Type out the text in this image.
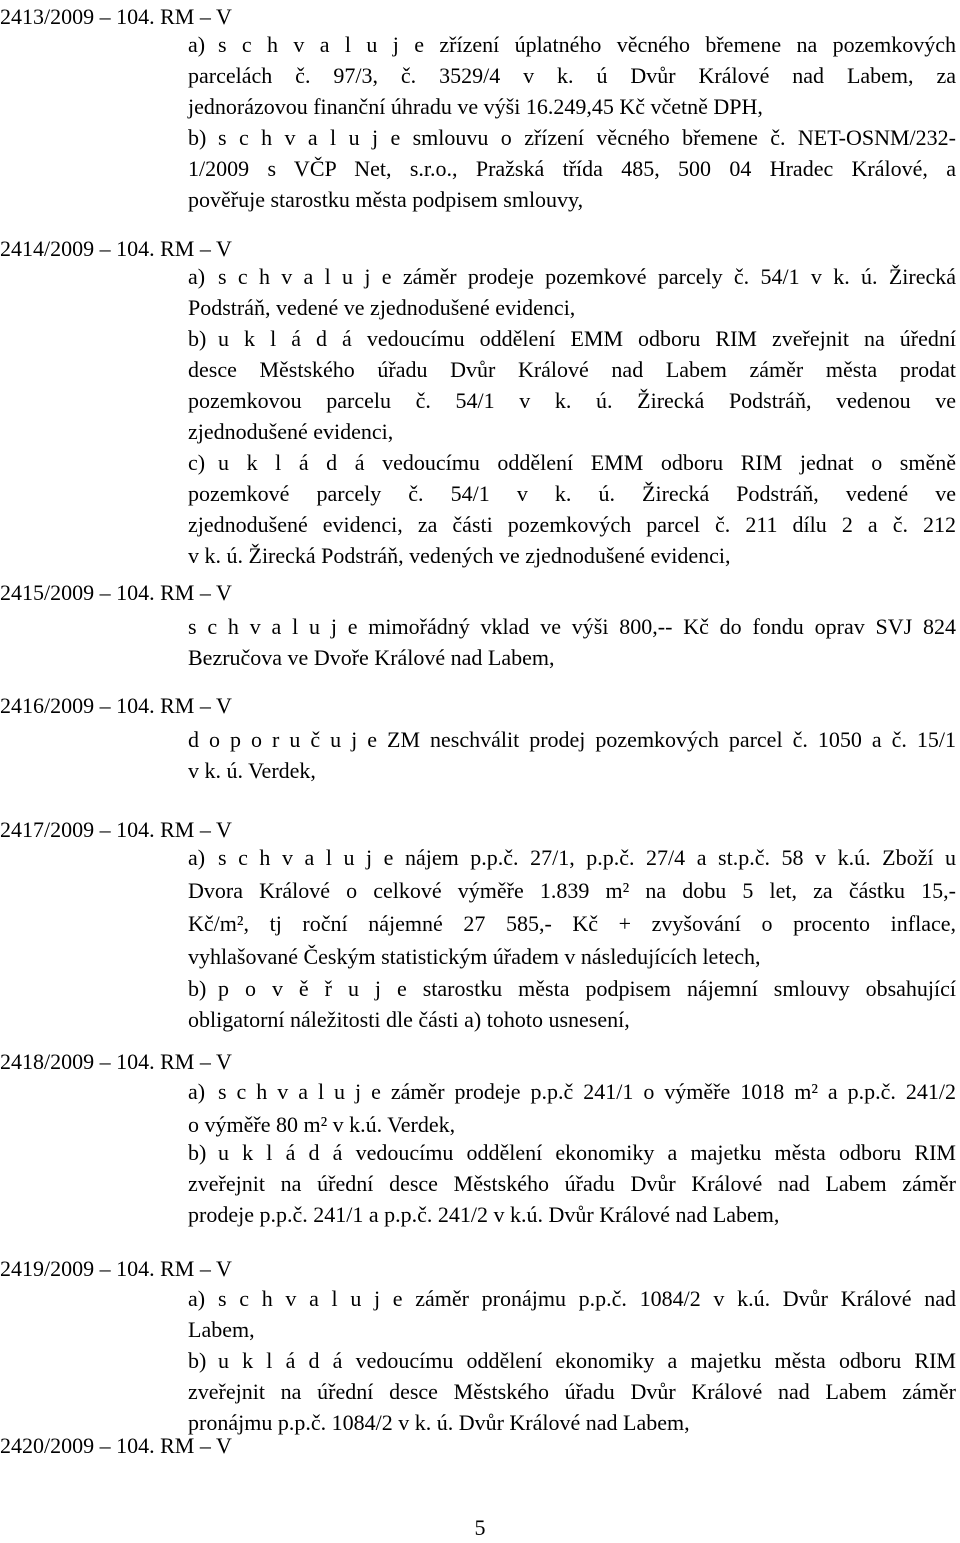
2413/2009 – 104. RM – V
a) s c h v a l u j e zřízení úplatného věcného břemene na pozemkových
parcelách č. 97/3, č. 3529/4 v k. ú Dvůr Králové nad Labem, za
jednorázovou finanční úhradu ve výši 16.249,45 Kč včetně DPH,
b) s c h v a l u j e smlouvu o zřízení věcného břemene č. NET-OSNM/232-
1/2009 s VČP Net, s.r.o., Pražská třída 485, 500 04 Hradec Králové, a
pověřuje starostku města podpisem smlouvy,
2414/2009 – 104. RM – V
a) s c h v a l u j e záměr prodeje pozemkové parcely č. 54/1 v k. ú. Žirecká
Podstráň, vedené ve zjednodušené evidenci,
b) u k l á d á vedoucímu oddělení EMM odboru RIM zveřejnit na úřední
desce Městského úřadu Dvůr Králové nad Labem záměr města prodat
pozemkovou parcelu č. 54/1 v k. ú. Žirecká Podstráň, vedenou ve
zjednodušené evidenci,
c) u k l á d á vedoucímu oddělení EMM odboru RIM jednat o směně
pozemkové parcely č. 54/1 v k. ú. Žirecká Podstráň, vedené ve
zjednodušené evidenci, za části pozemkových parcel č. 211 dílu 2 a č. 212
v k. ú. Žirecká Podstráň, vedených ve zjednodušené evidenci,
2415/2009 – 104. RM – V
s c h v a l u j e mimořádný vklad ve výši 800,-- Kč do fondu oprav SVJ 824
Bezručova ve Dvoře Králové nad Labem,
2416/2009 – 104. RM – V
d o p o r u č u j e ZM neschválit prodej pozemkových parcel č. 1050 a č. 15/1
v k. ú. Verdek,
2417/2009 – 104. RM – V
a) s c h v a l u j e nájem p.p.č. 27/1, p.p.č. 27/4 a st.p.č. 58 v k.ú. Zboží u
Dvora Králové o celkové výměře 1.839 m² na dobu 5 let, za částku 15,-
Kč/m², tj roční nájemné 27 585,- Kč + zvyšování o procento inflace,
vyhlašované Českým statistickým úřadem v následujících letech,
b) p o v ě ř u j e starostku města podpisem nájemní smlouvy obsahující
obligatorní náležitosti dle části a) tohoto usnesení,
2418/2009 – 104. RM – V
a) s c h v a l u j e záměr prodeje p.p.č 241/1 o výměře 1018 m² a p.p.č. 241/2
o výměře 80 m² v k.ú. Verdek,
b) u k l á d á vedoucímu oddělení ekonomiky a majetku města odboru RIM
zveřejnit na úřední desce Městského úřadu Dvůr Králové nad Labem záměr
prodeje p.p.č. 241/1 a p.p.č. 241/2 v k.ú. Dvůr Králové nad Labem,
2419/2009 – 104. RM – V
a) s c h v a l u j e záměr pronájmu p.p.č. 1084/2 v k.ú. Dvůr Králové nad
Labem,
b) u k l á d á vedoucímu oddělení ekonomiky a majetku města odboru RIM
zveřejnit na úřední desce Městského úřadu Dvůr Králové nad Labem záměr
pronájmu p.p.č. 1084/2 v k. ú. Dvůr Králové nad Labem,
2420/2009 – 104. RM – V
5
